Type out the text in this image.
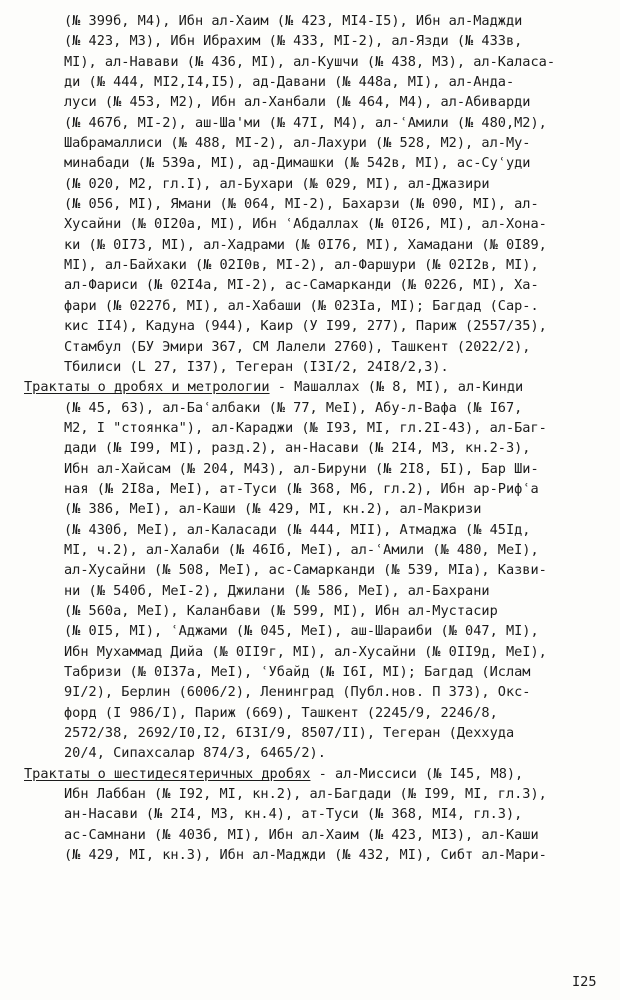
(№ 399б, М4), Ибн ал-Хаим (№ 423, МI4-I5), Ибн ал-Маджди
(№ 423, М3), Ибн Ибрахим (№ 433, МI-2), ал-Язди (№ 433в,
МI), ал-Навави (№ 436, МI), ал-Кушчи (№ 438, М3), ал-Каласа-
ди (№ 444, МI2,I4,I5), ад-Давани (№ 448а, МI), ал-Анда-
луси (№ 453, М2), Ибн ал-Ханбали (№ 464, М4), ал-Абиварди
(№ 467б, МI-2), аш-Ша'ми (№ 47I, М4), ал-ʿАмили (№ 480,М2),
Шабрамаллиси (№ 488, МI-2), ал-Лахури (№ 528, М2), ал-Му-
минабади (№ 539а, МI), ад-Димашки (№ 542в, МI), ас-Суʿуди
(№ 020, М2, гл.I), ал-Бухари (№ 029, МI), ал-Джазири
(№ 056, МI), Ямани (№ 064, МI-2), Бахарзи (№ 090, МI), ал-
Хусайни (№ 0I20а, МI), Ибн ʿАбдаллах (№ 0I26, МI), ал-Хона-
ки (№ 0I73, МI), ал-Хадрами (№ 0I76, МI), Хамадани (№ 0I89,
МI), ал-Байхаки (№ 02I0в, МI-2), ал-Фаршури (№ 02I2в, МI),
ал-Фариси (№ 02I4а, МI-2), ас-Самарканди (№ 0226, МI), Ха-
фари (№ 0227б, МI), ал-Хабаши (№ 023Iа, МI); Багдад (Сар-.
кис II4), Кадуна (944), Каир (У I99, 277), Париж (2557/35),
Стамбул (БУ Эмири 367, СМ Лалели 2760), Ташкент (2022/2),
Тбилиси (L 27, I37), Тегеран (I3I/2, 24I8/2,3).
Трактаты о дробях и метрологии - Машаллах (№ 8, МI), ал-Кинди
(№ 45, 63), ал-Баʿалбаки (№ 77, МеI), Абу-л-Вафа (№ I67,
М2, I "стоянка"), ал-Караджи (№ I93, МI, гл.2I-43), ал-Баг-
дади (№ I99, МI), разд.2), ан-Насави (№ 2I4, М3, кн.2-3),
Ибн ал-Хайсам (№ 204, М43), ал-Бируни (№ 2I8, БI), Бар Ши-
ная (№ 2I8а, МеI), ат-Туси (№ 368, М6, гл.2), Ибн ар-Рифʿа
(№ 386, МеI), ал-Каши (№ 429, МI, кн.2), ал-Макризи
(№ 430б, МеI), ал-Каласади (№ 444, МII), Атмаджа (№ 45Iд,
МI, ч.2), ал-Халаби (№ 46Iб, МеI), ал-ʿАмили (№ 480, МеI),
ал-Хусайни (№ 508, МеI), ас-Самарканди (№ 539, МIа), Казви-
ни (№ 540б, МеI-2), Джилани (№ 586, МеI), ал-Бахрани
(№ 560а, МеI), Каланбави (№ 599, МI), Ибн ал-Мустасир
(№ 0I5, МI), ʿАджами (№ 045, МеI), аш-Шараиби (№ 047, МI),
Ибн Мухаммад Дийа (№ 0II9г, МI), ал-Хусайни (№ 0II9д, МеI),
Табризи (№ 0I37а, МеI), ʿУбайд (№ I6I, МI); Багдад (Ислам
9I/2), Берлин (6006/2), Ленинград (Публ.нов. П 373), Окс-
форд (I 986/I), Париж (669), Ташкент (2245/9, 2246/8,
2572/38, 2692/I0,I2, 6I3I/9, 8507/II), Тегеран (Деххуда
20/4, Сипахсалар 874/3, 6465/2).
Трактаты о шестидесятеричных дробях - ал-Миссиси (№ I45, М8),
Ибн Лаббан (№ I92, МI, кн.2), ал-Багдади (№ I99, МI, гл.3),
ан-Насави (№ 2I4, М3, кн.4), ат-Туси (№ 368, МI4, гл.3),
ас-Самнани (№ 403б, МI), Ибн ал-Хаим (№ 423, МI3), ал-Каши
(№ 429, МI, кн.3), Ибн ал-Маджди (№ 432, МI), Сибт ал-Мари-
I25
